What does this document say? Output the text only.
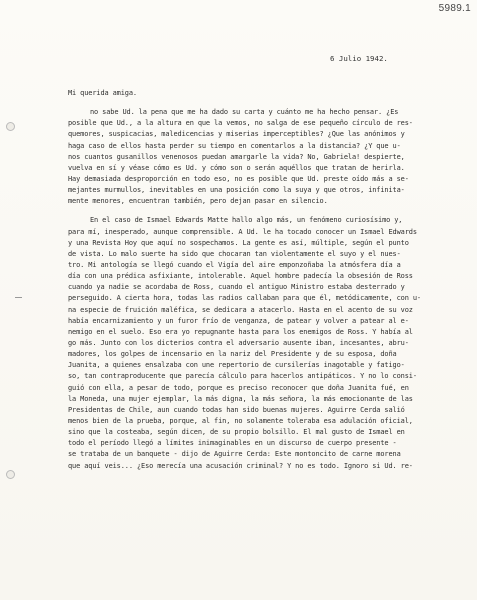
5989.1
6 Julio 1942.
Mi querida amiga.
no sabe Ud. la pena que me ha dado su carta y cuánto me ha hecho pensar. ¿Es
posible que Ud., a la altura en que la vemos, no salga de ese pequeño círculo de res-
quemores, suspicacias, maledicencias y miserias imperceptibles? ¿Que las anónimos y
haga caso de ellos hasta perder su tiempo en comentarlos a la distancia? ¿Y que u-
nos cuantos gusanillos venenosos puedan amargarle la vida? No, Gabriela! despierte,
vuelva en sí y véase cómo es Ud. y cómo son o serán aquéllos que tratan de herirla.
Hay demasiada desproporción en todo eso, no es posible que Ud. preste oído más a se-
mejantes murmullos, inevitables en una posición como la suya y que otros, infinita-
mente menores, encuentran también, pero dejan pasar en silencio.
En el caso de Ismael Edwards Matte hallo algo más, un fenómeno curiosísimo y,
para mí, inesperado, aunque comprensible. A Ud. le ha tocado conocer un Ismael Edwards
y una Revista Hoy que aquí no sospechamos. La gente es así, múltiple, según el punto
de vista. Lo malo suerte ha sido que chocaran tan violentamente el suyo y el nues-
tro. Mi antología se llegó cuando el Vigía del aire emponzoñaba la atmósfera día a
día con una prédica asfixiante, intolerable. Aquel hombre padecía la obsesión de Ross
cuando ya nadie se acordaba de Ross, cuando el antiguo Ministro estaba desterrado y
perseguido. A cierta hora, todas las radios callaban para que él, metódicamente, con u-
na especie de fruición maléfica, se dedicara a atacerlo. Hasta en el acento de su voz
había encarnizamiento y un furor frío de venganza, de patear y volver a patear al e-
nemigo en el suelo. Eso era yo repugnante hasta para los enemigos de Ross. Y había al
go más. Junto con los dicterios contra el adversario ausente iban, incesantes, abru-
madores, los golpes de incensario en la nariz del Presidente y de su esposa, doña
Juanita, a quienes ensalzaba con une repertorio de cursilerías inagotable y fatigo-
so, tan contraproducente que parecía cálculo para hacerlos antipáticos. Y no lo consi-
guió con ella, a pesar de todo, porque es preciso reconocer que doña Juanita fué, en
la Moneda, una mujer ejemplar, la más digna, la más señora, la más emocionante de las
Presidentas de Chile, aun cuando todas han sido buenas mujeres. Aguirre Cerda salió
menos bien de la prueba, porque, al fin, no solamente toleraba esa adulación oficial,
sino que la costeaba, según dicen, de su propio bolsillo. El mal gusto de Ismael en
todo el período llegó a límites inimaginables en un discurso de cuerpo presente -
se trataba de un banquete - dijo de Aguirre Cerda: Este montoncito de carne morena
que aquí veis... ¿Eso merecía una acusación criminal? Y no es todo. Ignoro si Ud. re-
